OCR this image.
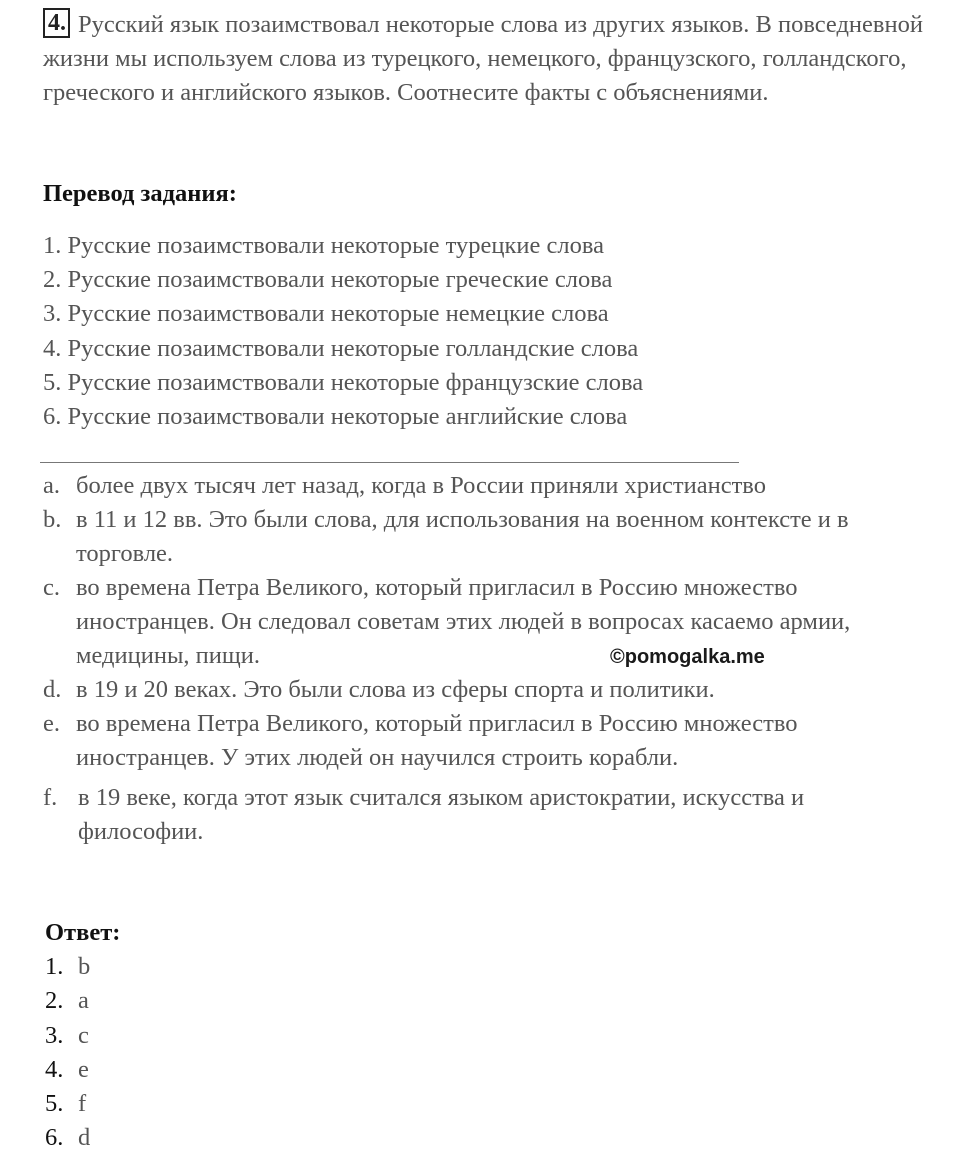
4. Русский язык позаимствовал некоторые слова из других языков. В повседневной жизни мы используем слова из турецкого, немецкого, французского, голландского, греческого и английского языков. Соотнесите факты с объяснениями.
Перевод задания:
1. Русские позаимствовали некоторые турецкие слова
2. Русские позаимствовали некоторые греческие слова
3. Русские позаимствовали некоторые немецкие слова
4. Русские позаимствовали некоторые голландские слова
5. Русские позаимствовали некоторые французские слова
6. Русские позаимствовали некоторые английские слова
a. более двух тысяч лет назад, когда в России приняли христианство
b. в 11 и 12 вв. Это были слова, для использования на военном контексте и в торговле.
c. во времена Петра Великого, который пригласил в Россию множество иностранцев. Он следовал советам этих людей в вопросах касаемо армии, медицины, пищи.
d. в 19 и 20 веках. Это были слова из сферы спорта и политики.
e. во времена Петра Великого, который пригласил в Россию множество иностранцев. У этих людей он научился строить корабли.
f. в 19 веке, когда этот язык считался языком аристократии, искусства и философии.
©pomogalka.me
Ответ:
1. b
2. a
3. c
4. e
5. f
6. d
